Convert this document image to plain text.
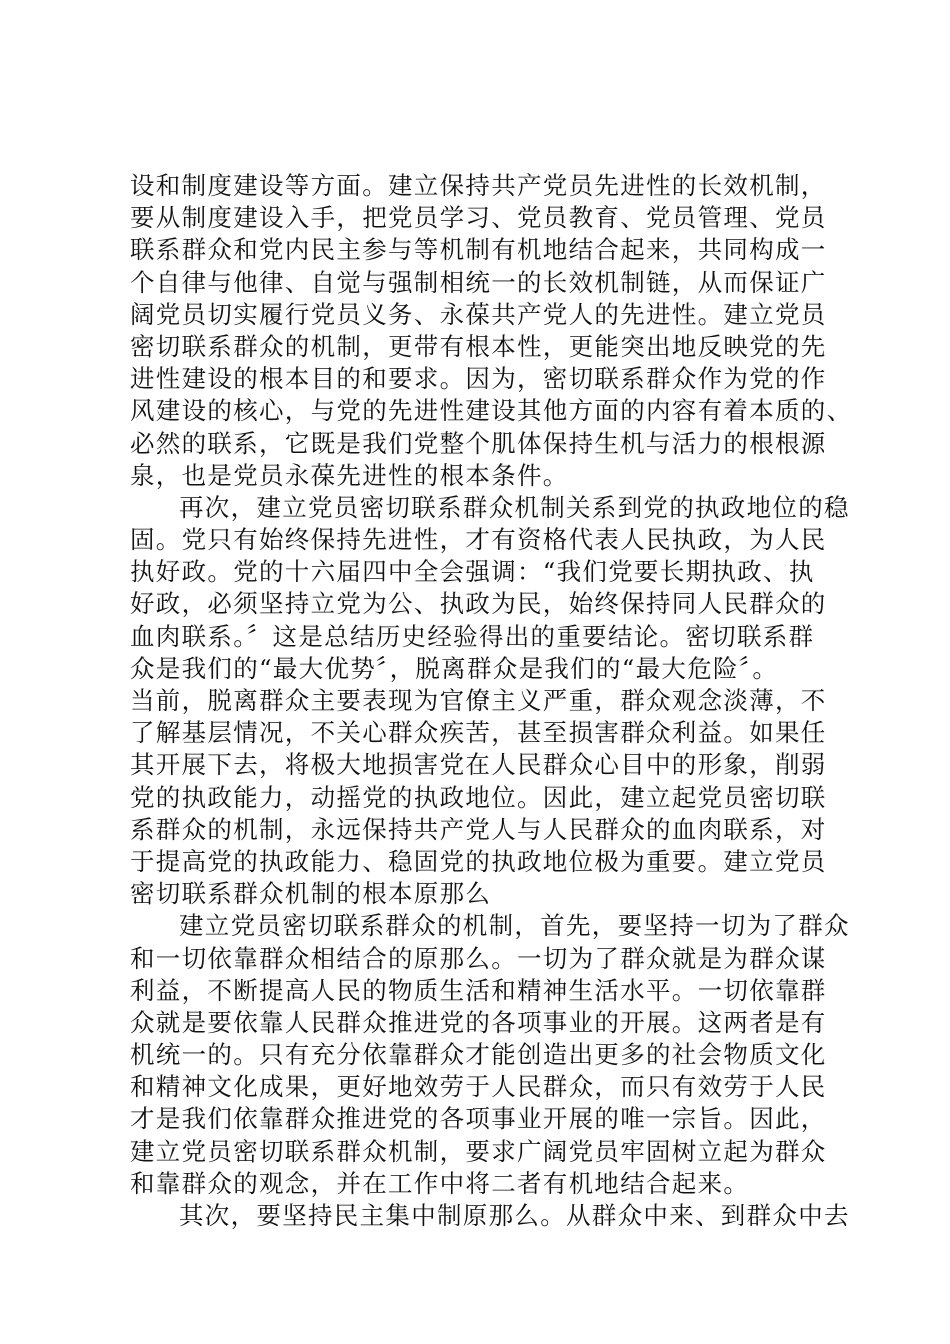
设和制度建设等方面。建立保持共产党员先进性的长效机制，
要从制度建设入手，把党员学习、党员教育、党员管理、党员
联系群众和党内民主参与等机制有机地结合起来，共同构成一
个自律与他律、自觉与强制相统一的长效机制链，从而保证广
阔党员切实履行党员义务、永葆共产党人的先进性。建立党员
密切联系群众的机制，更带有根本性，更能突出地反映党的先
进性建设的根本目的和要求。因为，密切联系群众作为党的作
风建设的核心，与党的先进性建设其他方面的内容有着本质的、
必然的联系，它既是我们党整个肌体保持生机与活力的根根源
泉，也是党员永葆先进性的根本条件。
再次，建立党员密切联系群众机制关系到党的执政地位的稳
固。党只有始终保持先进性，才有资格代表人民执政，为人民
执好政。党的十六届四中全会强调：“我们党要长期执政、执
好政，必须坚持立党为公、执政为民，始终保持同人民群众的
血肉联系。〞这是总结历史经验得出的重要结论。密切联系群
众是我们的“最大优势〞，脱离群众是我们的“最大危险〞。
当前，脱离群众主要表现为官僚主义严重，群众观念淡薄，不
了解基层情况，不关心群众疾苦，甚至损害群众利益。如果任
其开展下去，将极大地损害党在人民群众心目中的形象，削弱
党的执政能力，动摇党的执政地位。因此，建立起党员密切联
系群众的机制，永远保持共产党人与人民群众的血肉联系，对
于提高党的执政能力、稳固党的执政地位极为重要。建立党员
密切联系群众机制的根本原那么
建立党员密切联系群众的机制，首先，要坚持一切为了群众
和一切依靠群众相结合的原那么。一切为了群众就是为群众谋
利益，不断提高人民的物质生活和精神生活水平。一切依靠群
众就是要依靠人民群众推进党的各项事业的开展。这两者是有
机统一的。只有充分依靠群众才能创造出更多的社会物质文化
和精神文化成果，更好地效劳于人民群众，而只有效劳于人民
才是我们依靠群众推进党的各项事业开展的唯一宗旨。因此，
建立党员密切联系群众机制，要求广阔党员牢固树立起为群众
和靠群众的观念，并在工作中将二者有机地结合起来。
其次，要坚持民主集中制原那么。从群众中来、到群众中去
